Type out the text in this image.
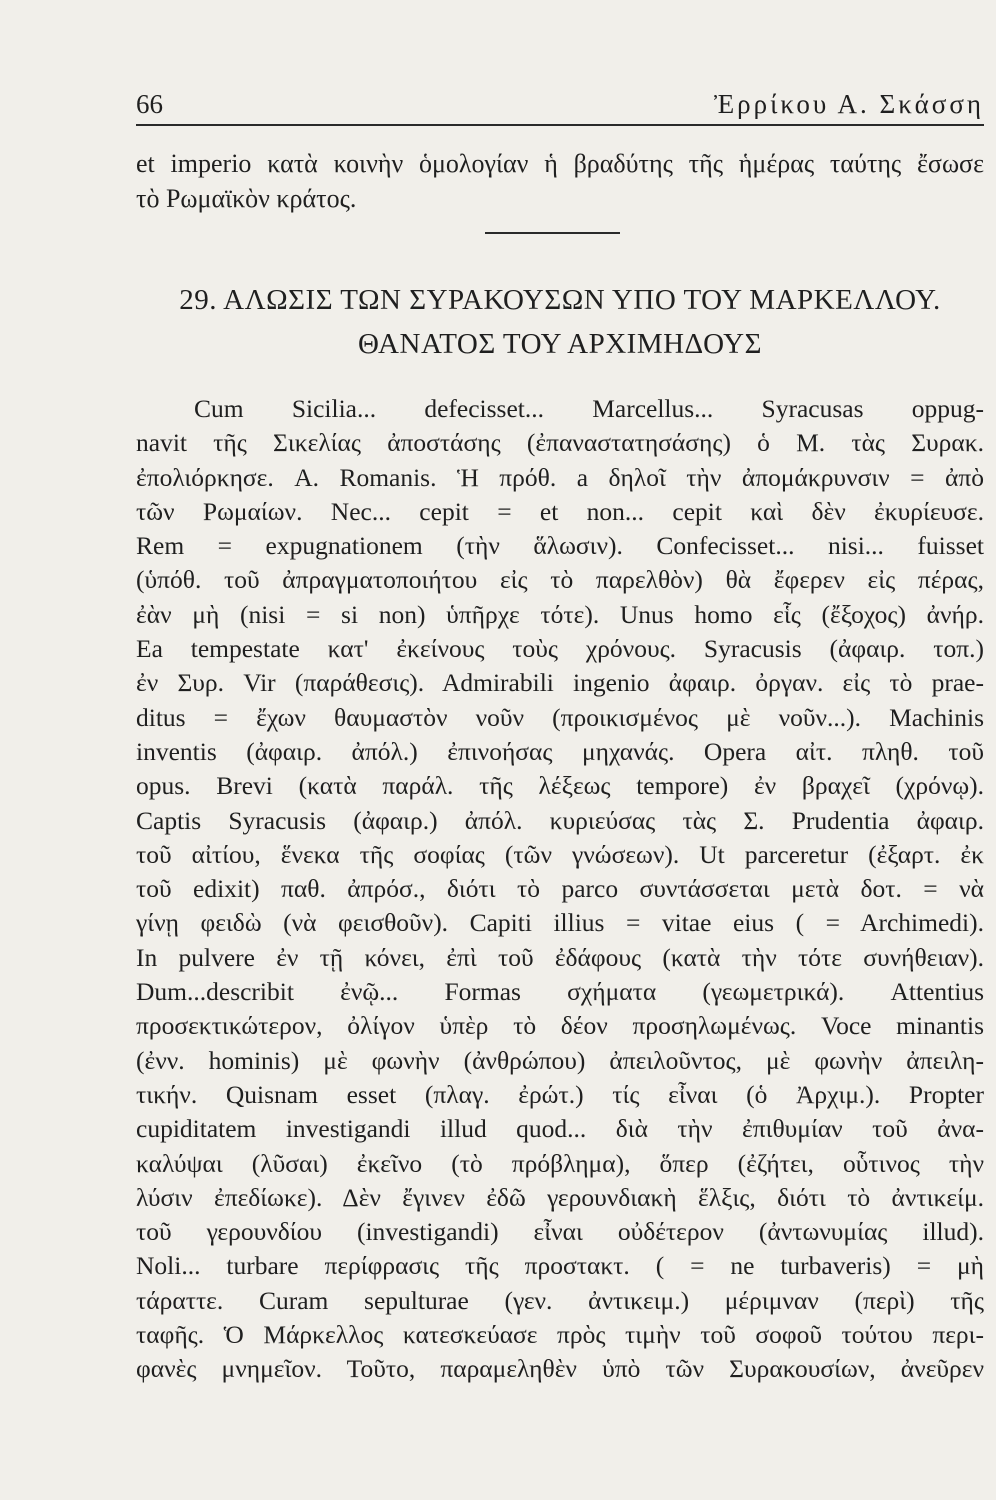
66	Ἐρρίκου Α. Σκάσση
et imperio κατὰ κοινὴν ὁμολογίαν ἡ βραδύτης τῆς ἡμέρας ταύτης ἔσωσε
τὸ Ρωμαϊκὸν κράτος.
29. ΑΛΩΣΙΣ ΤΩΝ ΣΥΡΑΚΟΥΣΩΝ ΥΠΟ ΤΟΥ ΜΑΡΚΕΛΛΟΥ.
ΘΑΝΑΤΟΣ ΤΟΥ ΑΡΧΙΜΗΔΟΥΣ
Cum Sicilia... defecisset... Marcellus... Syracusas oppug-
navit τῆς Σικελίας ἀποστάσης (ἐπαναστατησάσης) ὁ Μ. τὰς Συρακ.
ἐπολιόρκησε. A. Romanis. Ἡ πρόθ. a δηλοῖ τὴν ἀπομάκρυνσιν = ἀπὸ
τῶν Ρωμαίων. Nec... cepit = et non... cepit καὶ δὲν ἐκυρίευσε.
Rem = expugnationem (τὴν ἅλωσιν). Confecisset... nisi... fuisset
(ὑπόθ. τοῦ ἀπραγματοποιήτου εἰς τὸ παρελθὸν) θὰ ἔφερεν εἰς πέρας,
ἐὰν μὴ (nisi = si non) ὑπῆρχε τότε). Unus homo εἷς (ἔξοχος) ἀνήρ.
Ea tempestate κατ' ἐκείνους τοὺς χρόνους. Syracusis (ἀφαιρ. τοπ.)
ἐν Συρ. Vir (παράθεσις). Admirabili ingenio ἀφαιρ. ὀργαν. εἰς τὸ prae-
ditus = ἔχων θαυμαστὸν νοῦν (προικισμένος μὲ νοῦν...). Machinis
inventis (ἀφαιρ. ἀπόλ.) ἐπινοήσας μηχανάς. Opera αἰτ. πληθ. τοῦ
opus. Brevi (κατὰ παράλ. τῆς λέξεως tempore) ἐν βραχεῖ (χρόνῳ).
Captis Syracusis (ἀφαιρ.) ἀπόλ. κυριεύσας τὰς Σ. Prudentia ἀφαιρ.
τοῦ αἰτίου, ἕνεκα τῆς σοφίας (τῶν γνώσεων). Ut parceretur (ἐξαρτ. ἐκ
τοῦ edixit) παθ. ἀπρόσ., διότι τὸ parco συντάσσεται μετὰ δοτ. = νὰ
γίνῃ φειδὼ (νὰ φεισθοῦν). Capiti illius = vitae eius ( = Archimedi).
In pulvere ἐν τῇ κόνει, ἐπὶ τοῦ ἐδάφους (κατὰ τὴν τότε συνήθειαν).
Dum...describit ἐνῷ... Formas σχήματα (γεωμετρικά). Attentius
προσεκτικώτερον, ὀλίγον ὑπὲρ τὸ δέον προσηλωμένως. Voce minantis
(ἐνν. hominis) μὲ φωνὴν (ἀνθρώπου) ἀπειλοῦντος, μὲ φωνὴν ἀπειλη-
τικήν. Quisnam esset (πλαγ. ἐρώτ.) τίς εἶναι (ὁ Ἀρχιμ.). Propter
cupiditatem investigandi illud quod... διὰ τὴν ἐπιθυμίαν τοῦ ἀνα-
καλύψαι (λῦσαι) ἐκεῖνο (τὸ πρόβλημα), ὅπερ (ἐζήτει, οὗτινος τὴν
λύσιν ἐπεδίωκε). Δὲν ἔγινεν ἐδῶ γερουνδιακὴ ἕλξις, διότι τὸ ἀντικείμ.
τοῦ γερουνδίου (investigandi) εἶναι οὐδέτερον (ἀντωνυμίας illud).
Noli... turbare περίφρασις τῆς προστακτ. ( = ne turbaveris) = μὴ
τάραττε. Curam sepulturae (γεν. ἀντικειμ.) μέριμναν (περὶ) τῆς
ταφῆς. Ὁ Μάρκελλος κατεσκεύασε πρὸς τιμὴν τοῦ σοφοῦ τούτου περι-
φανὲς μνημεῖον. Τοῦτο, παραμεληθὲν ὑπὸ τῶν Συρακουσίων, ἀνεῦρεν
